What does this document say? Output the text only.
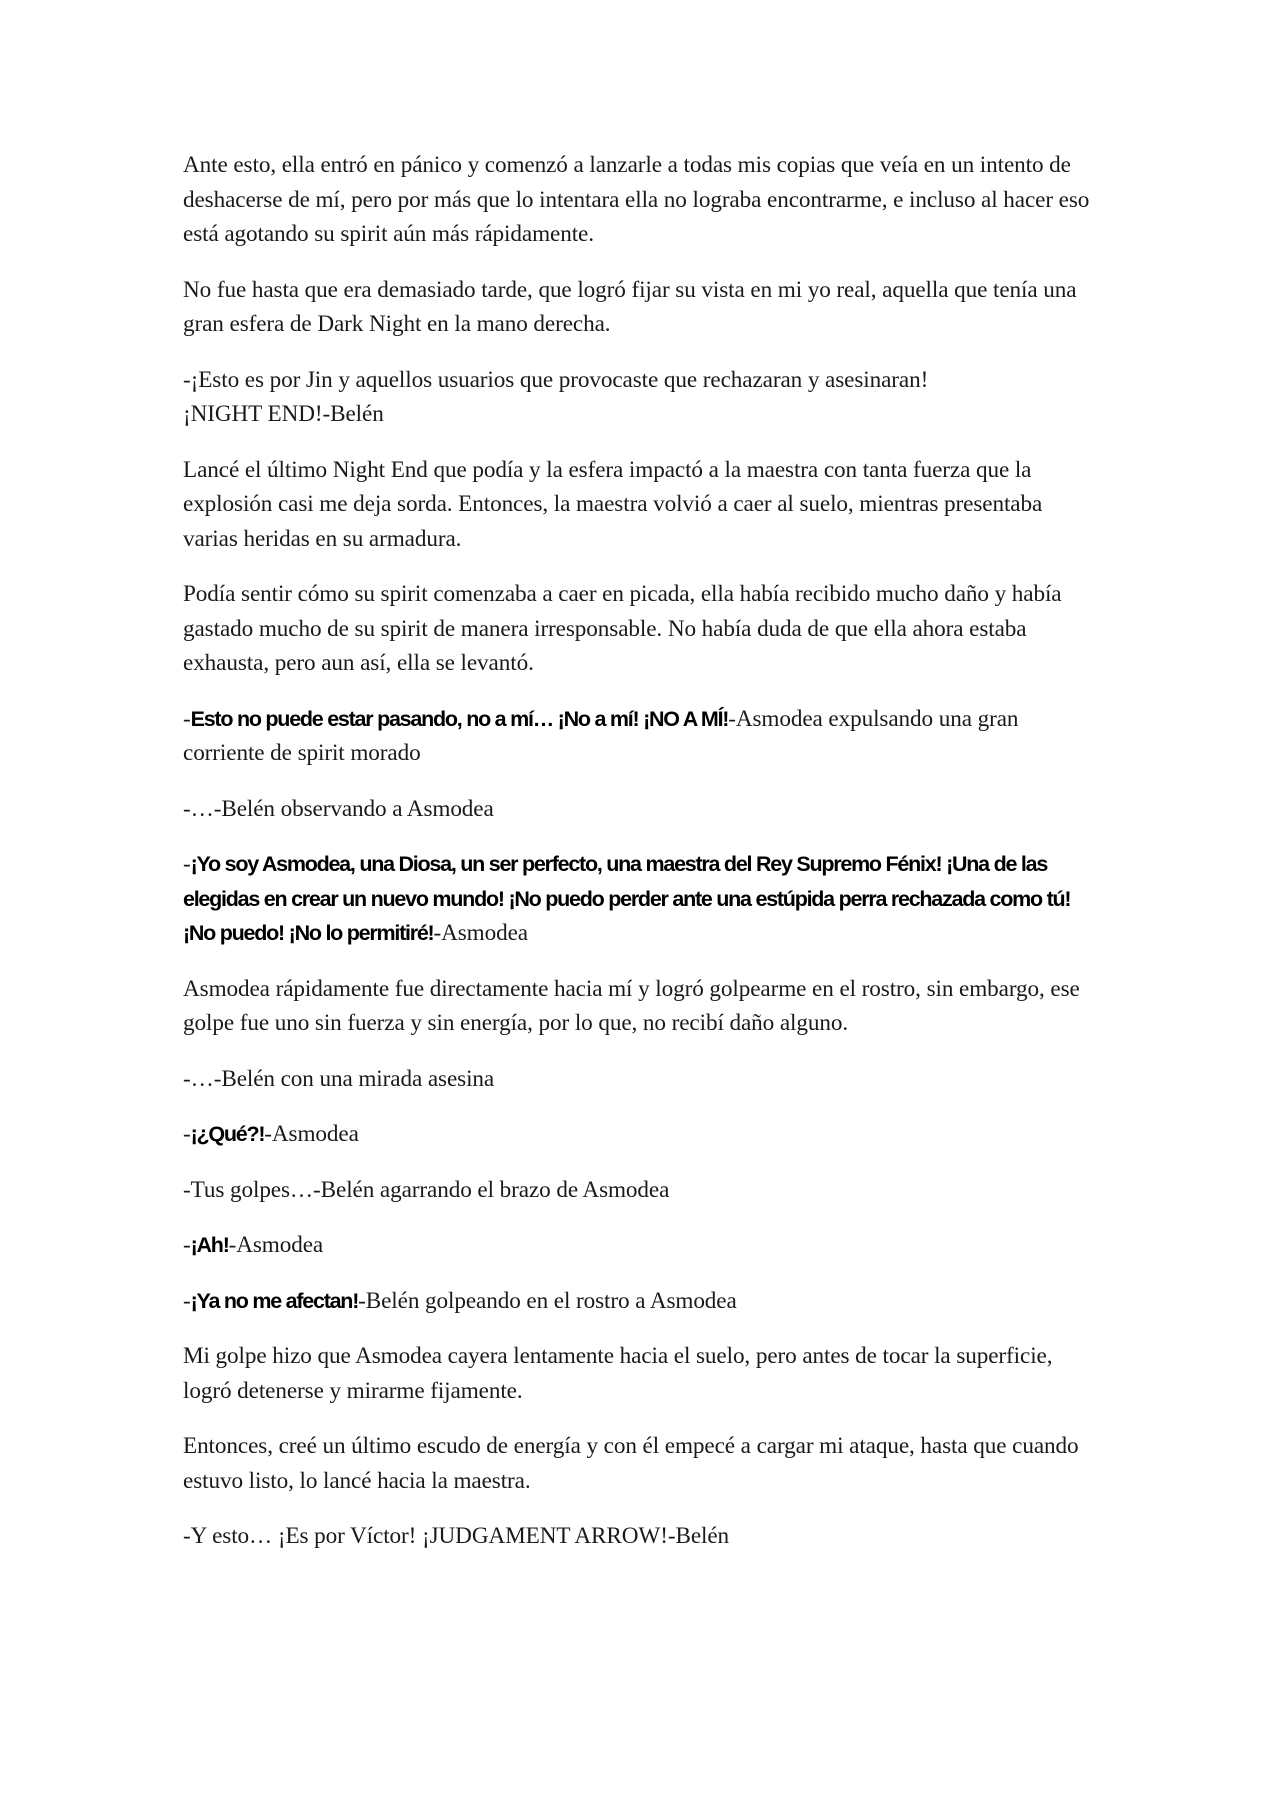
Ante esto, ella entró en pánico y comenzó a lanzarle a todas mis copias que veía en un intento de deshacerse de mí, pero por más que lo intentara ella no lograba encontrarme, e incluso al hacer eso está agotando su spirit aún más rápidamente.

No fue hasta que era demasiado tarde, que logró fijar su vista en mi yo real, aquella que tenía una gran esfera de Dark Night en la mano derecha.

-¡Esto es por Jin y aquellos usuarios que provocaste que rechazaran y asesinaran!
¡NIGHT END!-Belén

Lancé el último Night End que podía y la esfera impactó a la maestra con tanta fuerza que la explosión casi me deja sorda. Entonces, la maestra volvió a caer al suelo, mientras presentaba varias heridas en su armadura.

Podía sentir cómo su spirit comenzaba a caer en picada, ella había recibido mucho daño y había gastado mucho de su spirit de manera irresponsable. No había duda de que ella ahora estaba exhausta, pero aun así, ella se levantó.

-Esto no puede estar pasando, no a mí… ¡No a mí! ¡NO A MÍ!-Asmodea expulsando una gran corriente de spirit morado

-…-Belén observando a Asmodea

-¡Yo soy Asmodea, una Diosa, un ser perfecto, una maestra del Rey Supremo Fénix! ¡Una de las elegidas en crear un nuevo mundo! ¡No puedo perder ante una estúpida perra rechazada como tú! ¡No puedo! ¡No lo permitiré!-Asmodea

Asmodea rápidamente fue directamente hacia mí y logró golpearme en el rostro, sin embargo, ese golpe fue uno sin fuerza y sin energía, por lo que, no recibí daño alguno.

-…-Belén con una mirada asesina

-¡¿Qué?!-Asmodea

-Tus golpes…-Belén agarrando el brazo de Asmodea

-¡Ah!-Asmodea

-¡Ya no me afectan!-Belén golpeando en el rostro a Asmodea

Mi golpe hizo que Asmodea cayera lentamente hacia el suelo, pero antes de tocar la superficie, logró detenerse y mirarme fijamente.

Entonces, creé un último escudo de energía y con él empecé a cargar mi ataque, hasta que cuando estuvo listo, lo lancé hacia la maestra.

-Y esto… ¡Es por Víctor! ¡JUDGAMENT ARROW!-Belén
